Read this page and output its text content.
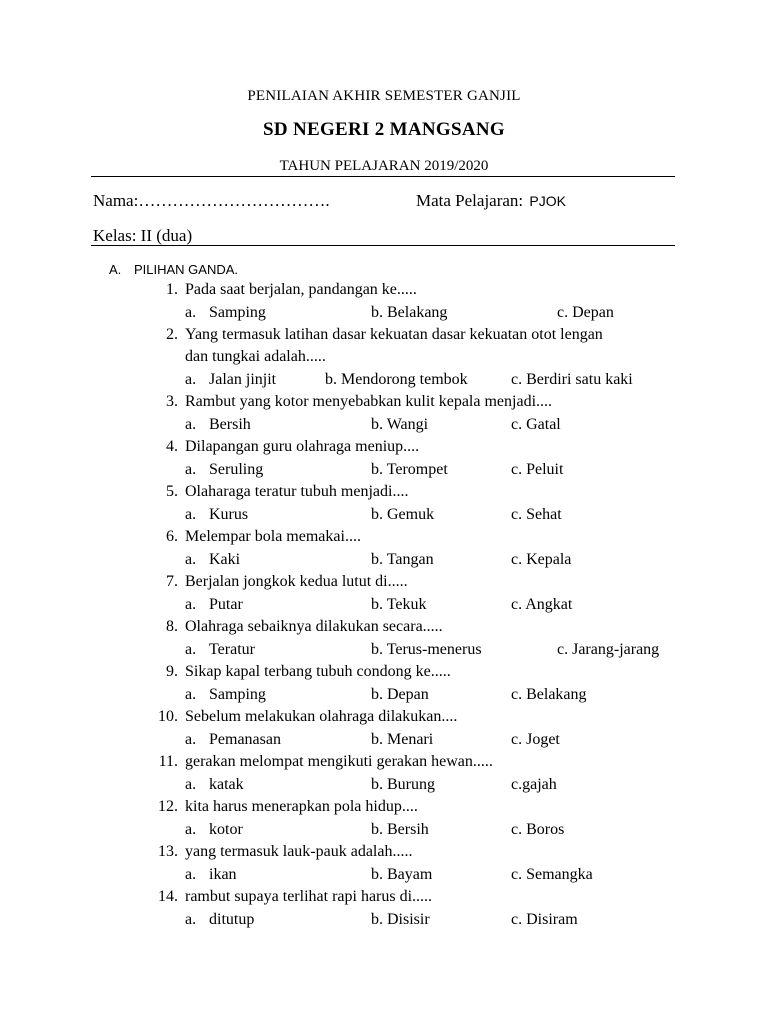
PENILAIAN AKHIR SEMESTER GANJIL
SD NEGERI 2 MANGSANG
TAHUN PELAJARAN 2019/2020
Nama:…………………………….	Mata Pelajaran: PJOK
Kelas: II (dua)
A. PILIHAN GANDA.
1. Pada saat berjalan, pandangan ke.....
a. Samping	b. Belakang	c. Depan
2. Yang termasuk latihan dasar kekuatan dasar kekuatan otot lengan
dan tungkai adalah.....
a. Jalan jinjit	b. Mendorong tembok	c. Berdiri satu kaki
3. Rambut yang kotor menyebabkan kulit kepala menjadi....
a. Bersih	b. Wangi	c. Gatal
4. Dilapangan guru olahraga meniup....
a. Seruling	b. Terompet	c. Peluit
5. Olaharaga teratur tubuh menjadi....
a. Kurus	b. Gemuk	c. Sehat
6. Melempar bola memakai....
a. Kaki	b. Tangan	c. Kepala
7. Berjalan jongkok kedua lutut di.....
a. Putar	b. Tekuk	c. Angkat
8. Olahraga sebaiknya dilakukan secara.....
a. Teratur	b. Terus-menerus	c. Jarang-jarang
9. Sikap kapal terbang tubuh condong ke.....
a. Samping	b. Depan	c. Belakang
10. Sebelum melakukan olahraga dilakukan....
a. Pemanasan	b. Menari	c. Joget
11. gerakan melompat mengikuti gerakan hewan.....
a. katak	b. Burung	c.gajah
12. kita harus menerapkan pola hidup....
a. kotor	b. Bersih	c. Boros
13. yang termasuk lauk-pauk adalah.....
a. ikan	b. Bayam	c. Semangka
14. rambut supaya terlihat rapi harus di.....
a. ditutup	b. Disisir	c. Disiram
